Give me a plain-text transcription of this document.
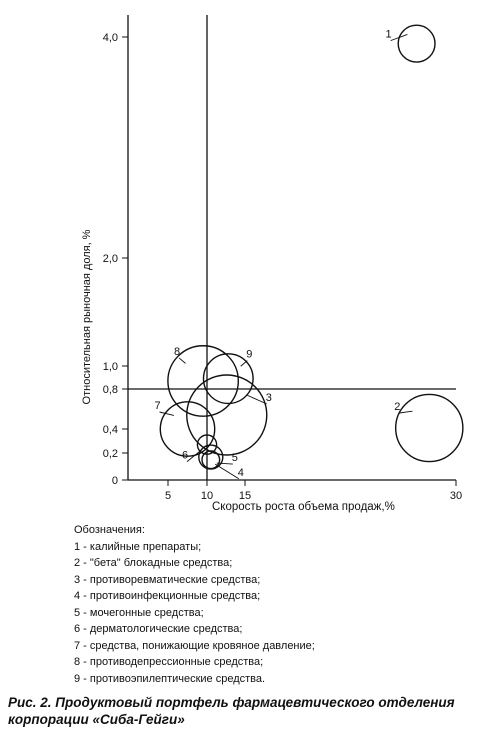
1
2
3
4
5
6
7
8	9
5	10 15	30
0
0,2
0,4
0,8
1,0
2,0
4,0
Относительная рыночная доля, %
Скорость роста объема продаж,%
Обозначения:
1 - калийные препараты;
2 - "бета" блокадные средства;
3 - противоревматические средства;
4 - противоинфекционные средства;
5 - мочегонные средства;
6 - дерматологические средства;
7 - средства, понижающие кровяное давление;
8 - противодепрессионные средства;
9 - противоэпилептические средства.
Рис. 2. Продуктовый портфель фармацевтического отделения
корпорации «Сиба-Гейги»
